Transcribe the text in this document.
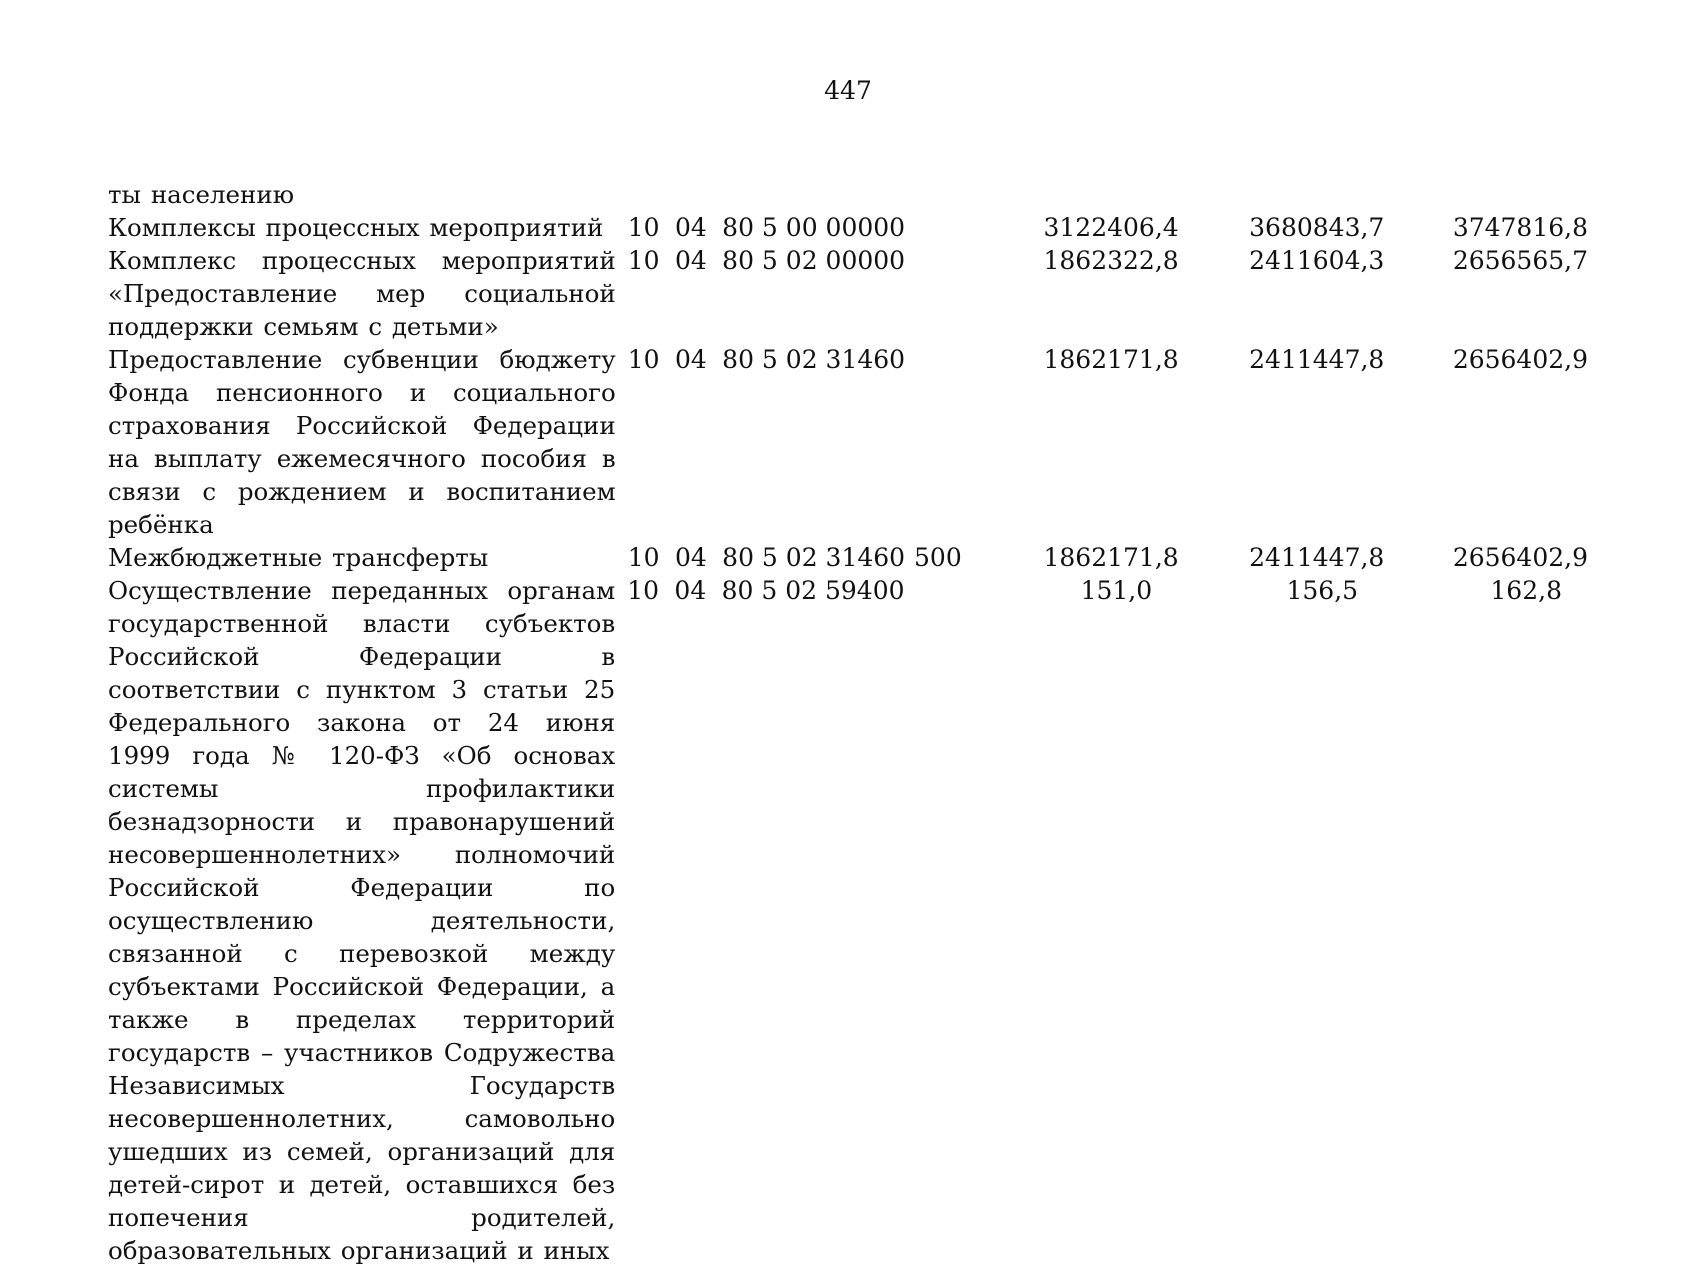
447

ты населению

Комплексы процессных мероприятий 10 04 80 5 00 00000	3122406,4	3680843,7	3747816,8

Комплекс процессных мероприятий «Предоставление мер социальной поддержки семьям с детьми»

10 04 80 5 02 00000	1862322,8	2411604,3	2656565,7

Предоставление субвенции бюджету Фонда пенсионного и социального страхования Российской Федерации на выплату ежемесячного пособия в связи с рождением и воспитанием ребёнка

10 04 80 5 02 31460	1862171,8	2411447,8	2656402,9

Межбюджетные трансферты	10 04 80 5 02 31460 500	1862171,8	2411447,8	2656402,9

Осуществление переданных органам государственной власти субъектов Российской Федерации в соответствии с пунктом 3 статьи 25 Федерального закона от 24 июня 1999 года № 120-ФЗ «Об основах системы профилактики безнадзорности и правонарушений несовершеннолетних» полномочий Российской Федерации по осуществлению деятельности, связанной с перевозкой между субъектами Российской Федерации, а также в пределах территорий государств – участников Содружества Независимых Государств несовершеннолетних, самовольно ушедших из семей, организаций для детей-сирот и детей, оставшихся без попечения родителей, образовательных организаций и иных

10 04 80 5 02 59400	151,0	156,5	162,8
